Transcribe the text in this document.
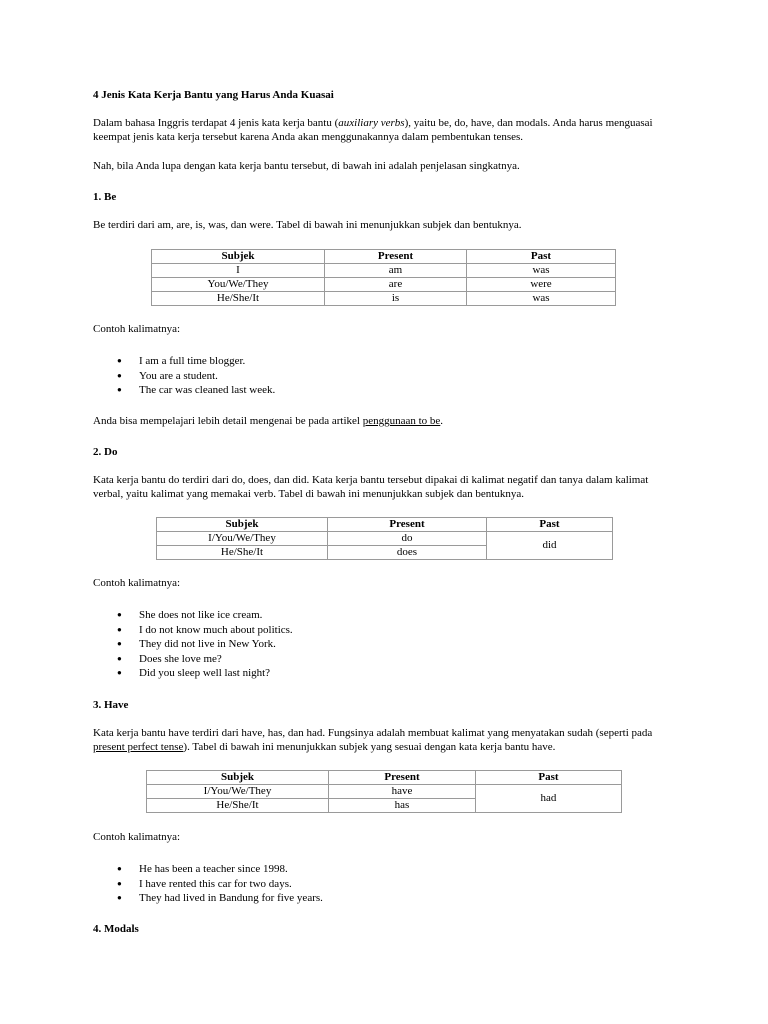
4 Jenis Kata Kerja Bantu yang Harus Anda Kuasai

Dalam bahasa Inggris terdapat 4 jenis kata kerja bantu (auxiliary verbs), yaitu be, do, have, dan modals. Anda harus menguasai keempat jenis kata kerja tersebut karena Anda akan menggunakannya dalam pembentukan tenses.

Nah, bila Anda lupa dengan kata kerja bantu tersebut, di bawah ini adalah penjelasan singkatnya.

1. Be

Be terdiri dari am, are, is, was, dan were. Tabel di bawah ini menunjukkan subjek dan bentuknya.

Subjek	Present	Past
I	am	was
You/We/They	are	were
He/She/It	is	was

Contoh kalimatnya:

● I am a full time blogger.
● You are a student.
● The car was cleaned last week.

Anda bisa mempelajari lebih detail mengenai be pada artikel penggunaan to be.

2. Do

Kata kerja bantu do terdiri dari do, does, dan did. Kata kerja bantu tersebut dipakai di kalimat negatif dan tanya dalam kalimat verbal, yaitu kalimat yang memakai verb. Tabel di bawah ini menunjukkan subjek dan bentuknya.

Subjek	Present	Past
I/You/We/They	do	did
He/She/It	does	

Contoh kalimatnya:

● She does not like ice cream.
● I do not know much about politics.
● They did not live in New York.
● Does she love me?
● Did you sleep well last night?

3. Have

Kata kerja bantu have terdiri dari have, has, dan had. Fungsinya adalah membuat kalimat yang menyatakan sudah (seperti pada present perfect tense). Tabel di bawah ini menunjukkan subjek yang sesuai dengan kata kerja bantu have.

Subjek	Present	Past
I/You/We/They	have	had
He/She/It	has	

Contoh kalimatnya:

● He has been a teacher since 1998.
● I have rented this car for two days.
● They had lived in Bandung for five years.

4. Modals
